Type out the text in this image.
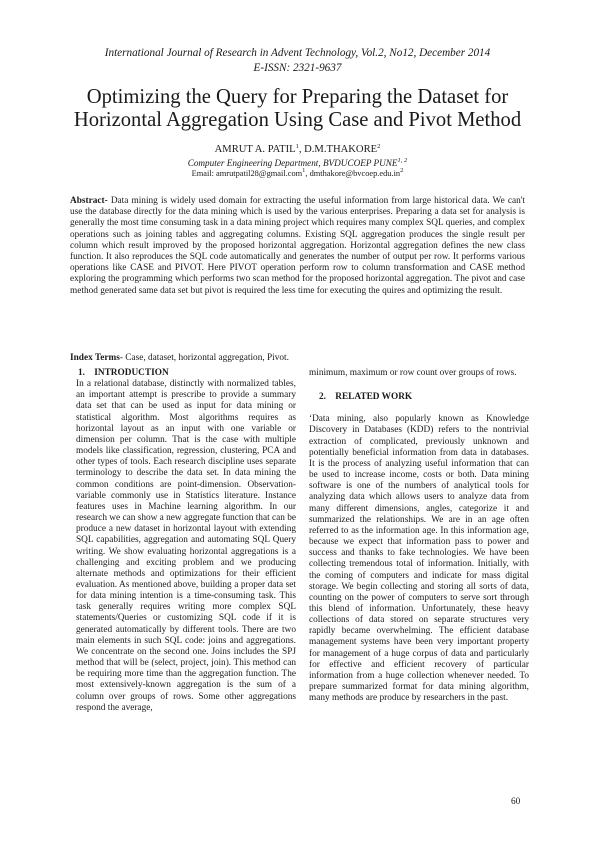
International Journal of Research in Advent Technology, Vol.2, No12, December 2014
E-ISSN: 2321-9637
Optimizing the Query for Preparing the Dataset for
Horizontal Aggregation Using Case and Pivot Method
AMRUT A. PATIL$^1$, D.M.THAKORE$^2$
Computer Engineering Department, BVDUCOEP PUNE$^{1, 2}$
Email: amrutpatil28@gmail.com$^1$, $dmthakore@bvcoep.edu.in^2$
Abstract- Data mining is widely used domain for extracting the useful information from large historical data. We can't use the database directly for the data mining which is used by the various enterprises. Preparing a data set for analysis is generally the most time consuming task in a data mining project which requires many complex SQL queries, and complex operations such as joining tables and aggregating columns. Existing SQL aggregation produces the single result per column which result improved by the proposed horizontal aggregation. Horizontal aggregation defines the new class function. It also reproduces the SQL code automatically and generates the number of output per row. It performs various operations like CASE and PIVOT. Here PIVOT operation perform row to column transformation and CASE method exploring the programming which performs two scan method for the proposed horizontal aggregation. The pivot and case method generated same data set but pivot is required the less time for executing the quires and optimizing the result.
Index Terms- Case, dataset, horizontal aggregation, Pivot.
1.    INTRODUCTION

In a relational database, distinctly with normalized tables, an important attempt is prescribe to provide a summary data set that can be used as input for data mining or statistical algorithm. Most algorithms requires as horizontal layout as an input with one variable or dimension per column. That is the case with multiple models like classification, regression, clustering, PCA and other types of tools. Each research discipline uses separate terminology to describe the data set. In data mining the common conditions are point-dimension. Observation-variable commonly use in Statistics literature. Instance features uses in Machine learning algorithm. In our research we can show a new aggregate function that can be produce a new dataset in horizontal layout with extending SQL capabilities, aggregation and automating SQL Query writing. We show evaluating horizontal aggregations is a challenging and exciting problem and we producing alternate methods and optimizations for their efficient evaluation. As mentioned above, building a proper data set for data mining intention is a time-consuming task. This task generally requires writing more complex SQL statements/Queries or customizing SQL code if it is generated automatically by different tools. There are two main elements in such SQL code: joins and aggregations. We concentrate on the second one. Joins includes the SPJ method that will be (select, project, join). This method can be requiring more time than the aggregation function. The most extensively-known aggregation is the sum of a column over groups of rows. Some other aggregations respond the average,

minimum, maximum or row count over groups of rows.

2.    RELATED WORK

‘Data mining, also popularly known as Knowledge Discovery in Databases (KDD) refers to the nontrivial extraction of complicated, previously unknown and potentially beneficial information from data in databases. It is the process of analyzing useful information that can be used to increase income, costs or both. Data mining software is one of the numbers of analytical tools for analyzing data which allows users to analyze data from many different dimensions, angles, categorize it and summarized the relationships. We are in an age often referred to as the information age. In this information age, because we expect that information pass to power and success and thanks to fake technologies. We have been collecting tremendous total of information. Initially, with the coming of computers and indicate for mass digital storage. We begin collecting and storing all sorts of data, counting on the power of computers to serve sort through this blend of information. Unfortunately, these heavy collections of data stored on separate structures very rapidly became overwhelming. The efficient database management systems have been very important property for management of a huge corpus of data and particularly for effective and efficient recovery of particular information from a huge collection whenever needed. To prepare summarized format for data mining algorithm, many methods are produce by researchers in the past.

60
